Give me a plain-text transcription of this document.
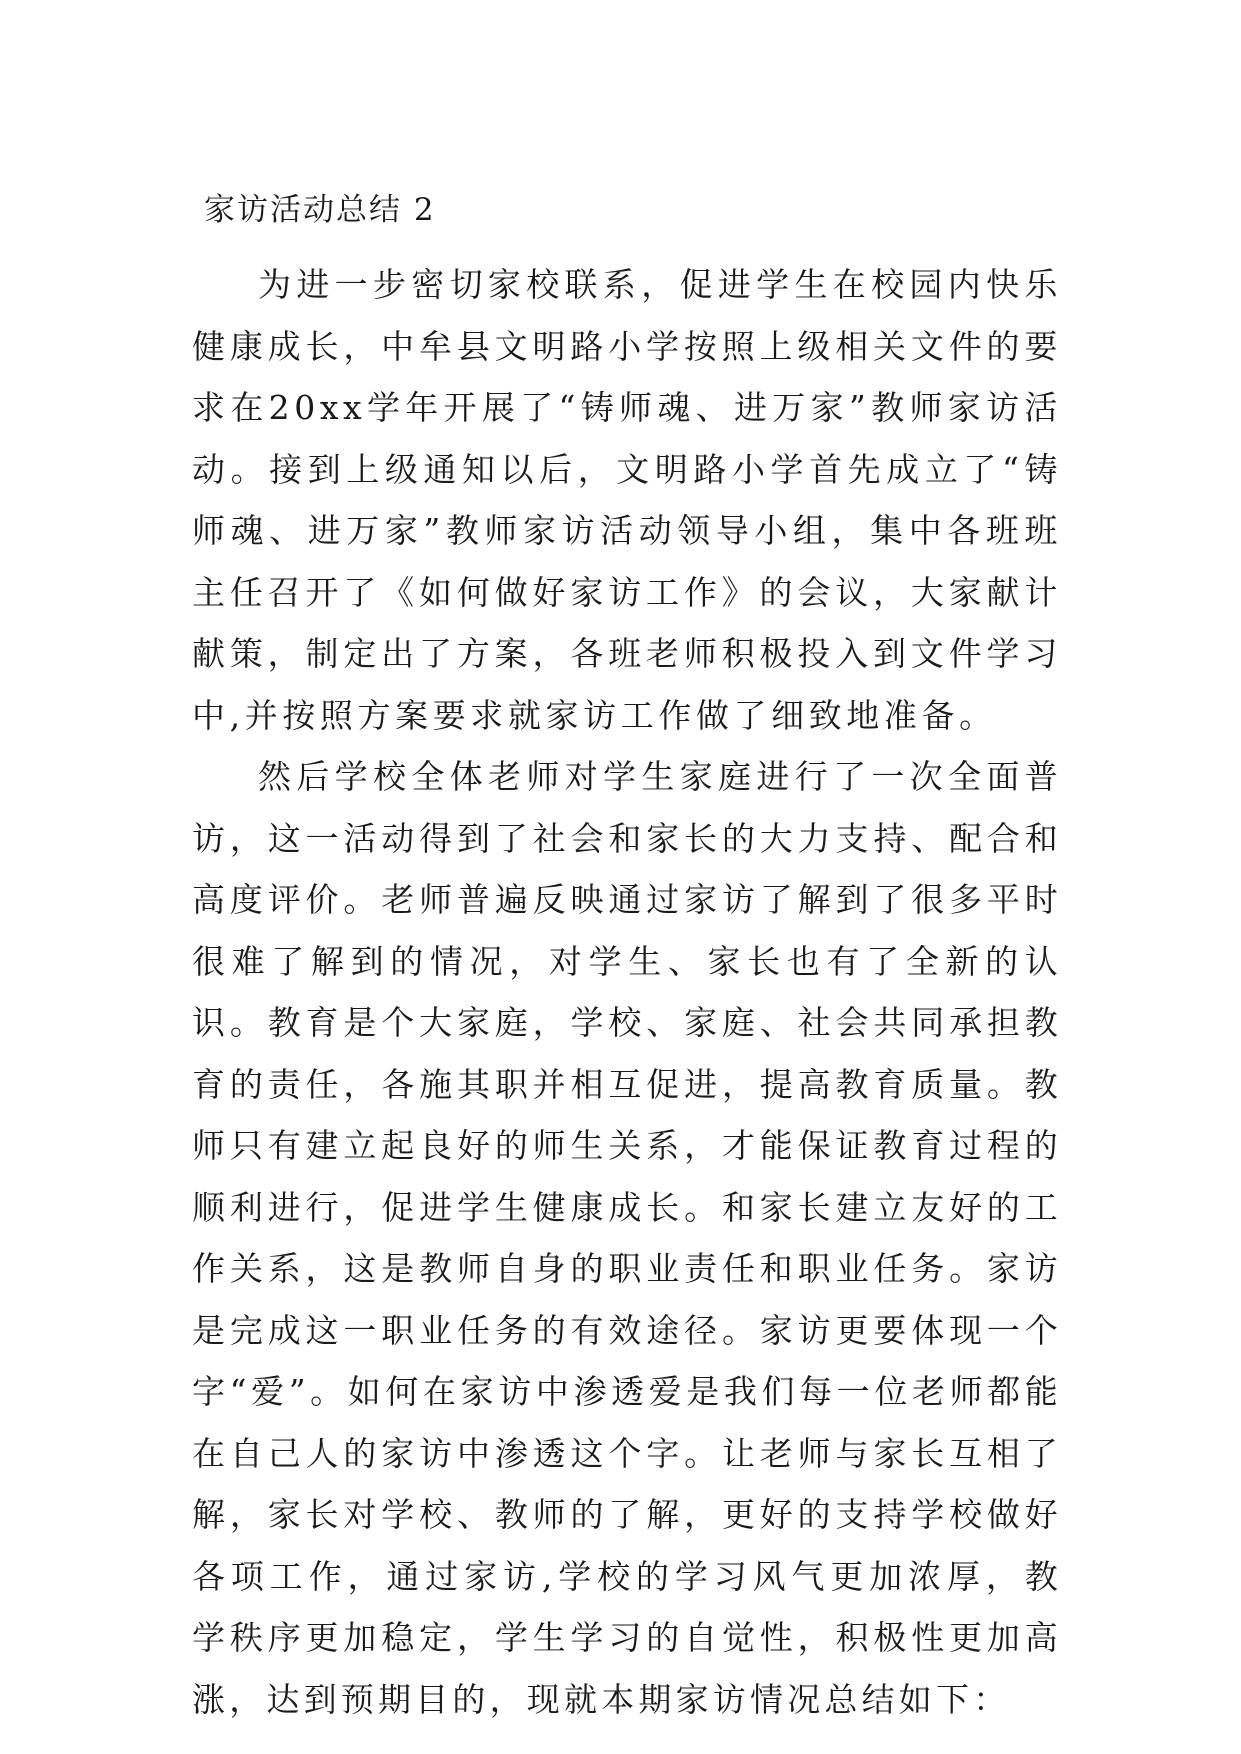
家访活动总结 2

为进一步密切家校联系，促进学生在校园内快乐健康成长，中牟县文明路小学按照上级相关文件的要求在20xx学年开展了“铸师魂、进万家”教师家访活动。接到上级通知以后，文明路小学首先成立了“铸师魂、进万家”教师家访活动领导小组，集中各班班主任召开了《如何做好家访工作》的会议，大家献计献策，制定出了方案，各班老师积极投入到文件学习中,并按照方案要求就家访工作做了细致地准备。

然后学校全体老师对学生家庭进行了一次全面普访，这一活动得到了社会和家长的大力支持、配合和高度评价。老师普遍反映通过家访了解到了很多平时很难了解到的情况，对学生、家长也有了全新的认识。教育是个大家庭，学校、家庭、社会共同承担教育的责任，各施其职并相互促进，提高教育质量。教师只有建立起良好的师生关系，才能保证教育过程的顺利进行，促进学生健康成长。和家长建立友好的工作关系，这是教师自身的职业责任和职业任务。家访是完成这一职业任务的有效途径。家访更要体现一个字“爱”。如何在家访中渗透爱是我们每一位老师都能在自己人的家访中渗透这个字。让老师与家长互相了解，家长对学校、教师的了解，更好的支持学校做好各项工作，通过家访,学校的学习风气更加浓厚，教学秩序更加稳定，学生学习的自觉性，积极性更加高涨，达到预期目的，现就本期家访情况总结如下：
